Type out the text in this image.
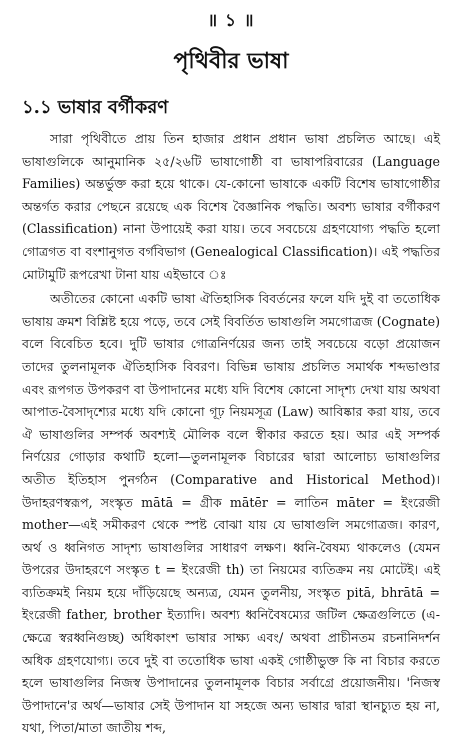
॥ ১ ॥
পৃথিবীর ভাষা
১.১ ভাষার বর্গীকরণ

সারা পৃথিবীতে প্রায় তিন হাজার প্রধান প্রধান ভাষা প্রচলিত আছে। এই ভাষাগুলিকে আনুমানিক ২৫/২৬টি ভাষাগোষ্ঠী বা ভাষাপরিবারের (Language Families) অন্তর্ভুক্ত করা হয়ে থাকে। যে-কোনো ভাষাকে একটি বিশেষ ভাষাগোষ্ঠীর অন্তর্গত করার পেছনে রয়েছে এক বিশেষ বৈজ্ঞানিক পদ্ধতি। অবশ্য ভাষার বর্গীকরণ (Classification) নানা উপায়েই করা যায়। তবে সবচেয়ে গ্রহণযোগ্য পদ্ধতি হলো গোত্রগত বা বংশানুগত বর্গবিভাগ (Genealogical Classification)। এই পদ্ধতির মোটামুটি রূপরেখা টানা যায় এইভাবে ঃ

অতীতের কোনো একটি ভাষা ঐতিহাসিক বিবর্তনের ফলে যদি দুই বা ততোধিক ভাষায় ক্রমশ বিশ্লিষ্ট হয়ে পড়ে, তবে সেই বিবর্তিত ভাষাগুলি সমগোত্রজ (Cognate) বলে বিবেচিত হবে। দুটি ভাষার গোত্রনির্ণয়ের জন্য তাই সবচেয়ে বড়ো প্রয়োজন তাদের তুলনামূলক ঐতিহাসিক বিবরণ। বিভিন্ন ভাষায় প্রচলিত সমার্থক শব্দভাণ্ডার এবং রূপগত উপকরণ বা উপাদানের মধ্যে যদি বিশেষ কোনো সাদৃশ্য দেখা যায় অথবা আপাত-বৈসাদৃশ্যের মধ্যে যদি কোনো গূঢ় নিয়মসূত্র (Law) আবিষ্কার করা যায়, তবে ঐ ভাষাগুলির সম্পর্ক অবশ্যই মৌলিক বলে স্বীকার করতে হয়। আর এই সম্পর্ক নির্ণয়ের গোড়ার কথাটি হলো—তুলনামূলক বিচারের দ্বারা আলোচ্য ভাষাগুলির অতীত ইতিহাস পুনর্গঠন (Comparative and Historical Method)। উদাহরণস্বরূপ, সংস্কৃত mātā = গ্রীক mātēr = লাতিন māter = ইংরেজী mother—এই সমীকরণ থেকে স্পষ্ট বোঝা যায় যে ভাষাগুলি সমগোত্রজ। কারণ, অর্থ ও ধ্বনিগত সাদৃশ্য ভাষাগুলির সাধারণ লক্ষণ। ধ্বনি-বৈষম্য থাকলেও (যেমন উপরের উদাহরণে সংস্কৃত t = ইংরেজী th) তা নিয়মের ব্যতিক্রম নয় মোটেই। এই ব্যতিক্রমই নিয়ম হয়ে দাঁড়িয়েছে অন্যত্র, যেমন তুলনীয়, সংস্কৃত pitā, bhrātā = ইংরেজী father, brother ইত্যাদি। অবশ্য ধ্বনিবৈষম্যের জটিল ক্ষেত্রগুলিতে (এ-ক্ষেত্রে স্বরধ্বনিগুচ্ছ) অধিকাংশ ভাষার সাক্ষ্য এবং/ অথবা প্রাচীনতম রচনানিদর্শন অধিক গ্রহণযোগ্য। তবে দুই বা ততোধিক ভাষা একই গোষ্ঠীভুক্ত কি না বিচার করতে হলে ভাষাগুলির নিজস্ব উপাদানের তুলনামূলক বিচার সর্বাগ্রে প্রয়োজনীয়। 'নিজস্ব উপাদানে'র অর্থ—ভাষার সেই উপাদান যা সহজে অন্য ভাষার দ্বারা স্থানচ্যুত হয় না, যথা, পিতা/মাতা জাতীয় শব্দ,
